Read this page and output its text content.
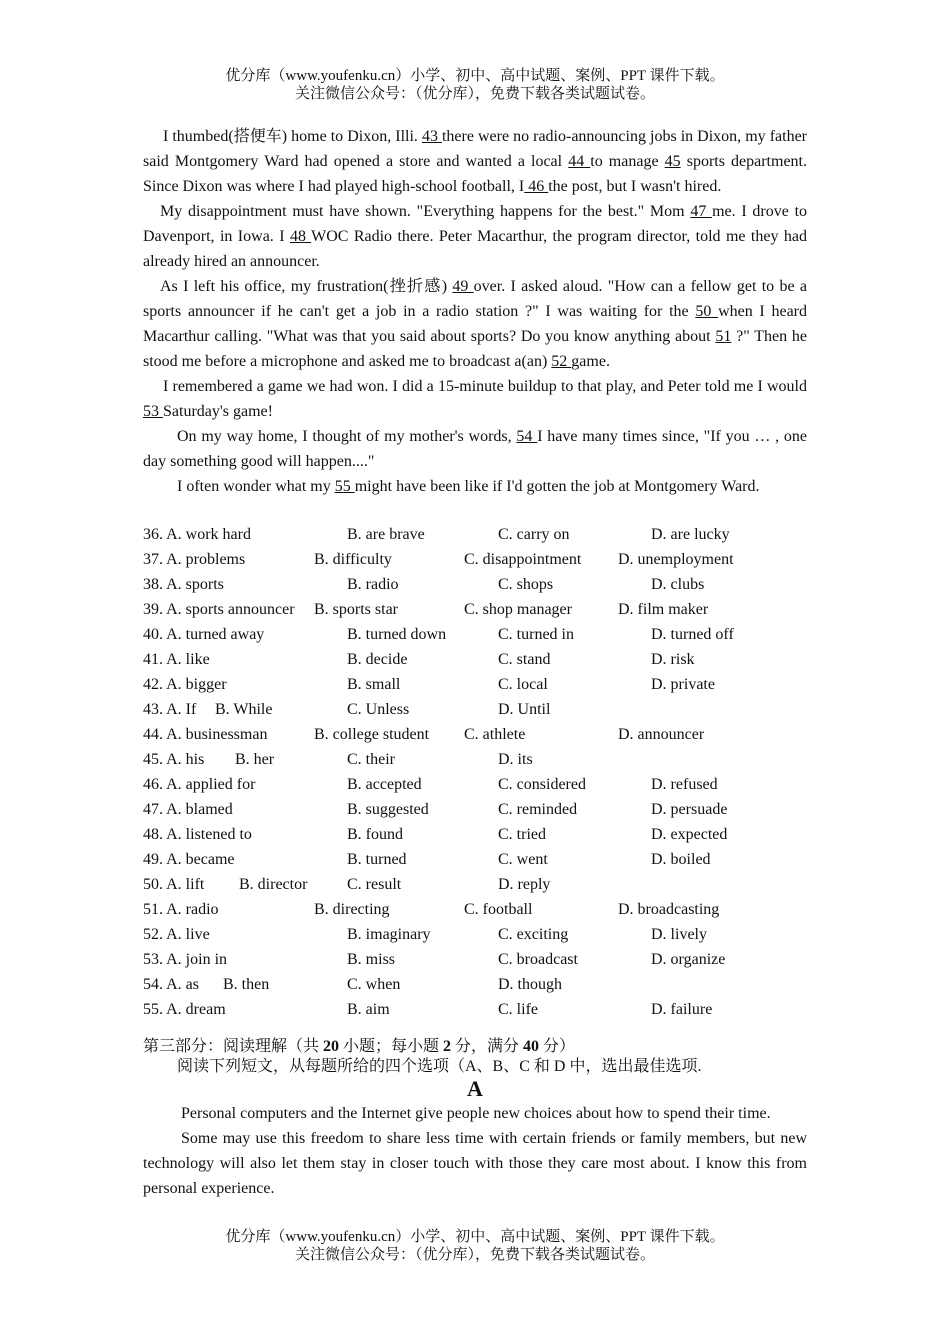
优分库（www.youfenku.cn）小学、初中、高中试题、案例、PPT 课件下载。
关注微信公众号：（优分库），免费下载各类试题试卷。

I thumbed(搭便车) home to Dixon, Illi. 43 there were no radio-announcing jobs in Dixon, my father said Montgomery Ward had opened a store and wanted a local 44 to manage 45 sports department. Since Dixon was where I had played high-school football, I 46 the post, but I wasn't hired.

My disappointment must have shown. "Everything happens for the best." Mom 47 me. I drove to Davenport, in Iowa. I 48 WOC Radio there. Peter Macarthur, the program director, told me they had already hired an announcer.

As I left his office, my frustration(挫折感) 49 over. I asked aloud. "How can a fellow get to be a sports announcer if he can't get a job in a radio station ?" I was waiting for the 50 when I heard Macarthur calling. "What was that you said about sports? Do you know anything about 51 ?" Then he stood me before a microphone and asked me to broadcast a(an) 52 game.

I remembered a game we had won. I did a 15-minute buildup to that play, and Peter told me I would 53 Saturday's game!

On my way home, I thought of my mother's words, 54 I have many times since, "If you … , one day something good will happen...."

I often wonder what my 55 might have been like if I'd gotten the job at Montgomery Ward.

36. A. work hard	B. are brave	C. carry on	D. are lucky
37. A. problems	B. difficulty	C. disappointment D. unemployment
38. A. sports	B. radio	C. shops	D. clubs
39. A. sports announcer B. sports star	C. shop manager	D. film maker
40. A. turned away	B. turned down	C. turned in	D. turned off
41. A. like	B. decide	C. stand	D. risk
42. A. bigger	B. small	C. local	D. private
43. A. If B. While	C. Unless	D. Until
44. A. businessman	B. college student C. athlete	D. announcer
45. A. his B. her	C. their	D. its
46. A. applied for	B. accepted	C. considered	D. refused
47. A. blamed	B. suggested	C. reminded	D. persuade
48. A. listened to	B. found	C. tried	D. expected
49. A. became	B. turned	C. went	D. boiled
50. A. lift B. director C. result	D. reply
51. A. radio	B. directing	C. football	D. broadcasting
52. A. live	B. imaginary	C. exciting	D. lively
53. A. join in	B. miss	C. broadcast	D. organize
54. A. as B. then	C. when	D. though
55. A. dream	B. aim	C. life	D. failure

第三部分：阅读理解（共 20 小题；每小题 2 分，满分 40 分）

阅读下列短文，从每题所给的四个选项（A、B、C 和 D 中，选出最佳选项.

A

Personal computers and the Internet give people new choices about how to spend their time.

Some may use this freedom to share less time with certain friends or family members, but new technology will also let them stay in closer touch with those they care most about. I know this from personal experience.

优分库（www.youfenku.cn）小学、初中、高中试题、案例、PPT 课件下载。
关注微信公众号：（优分库），免费下载各类试题试卷。
